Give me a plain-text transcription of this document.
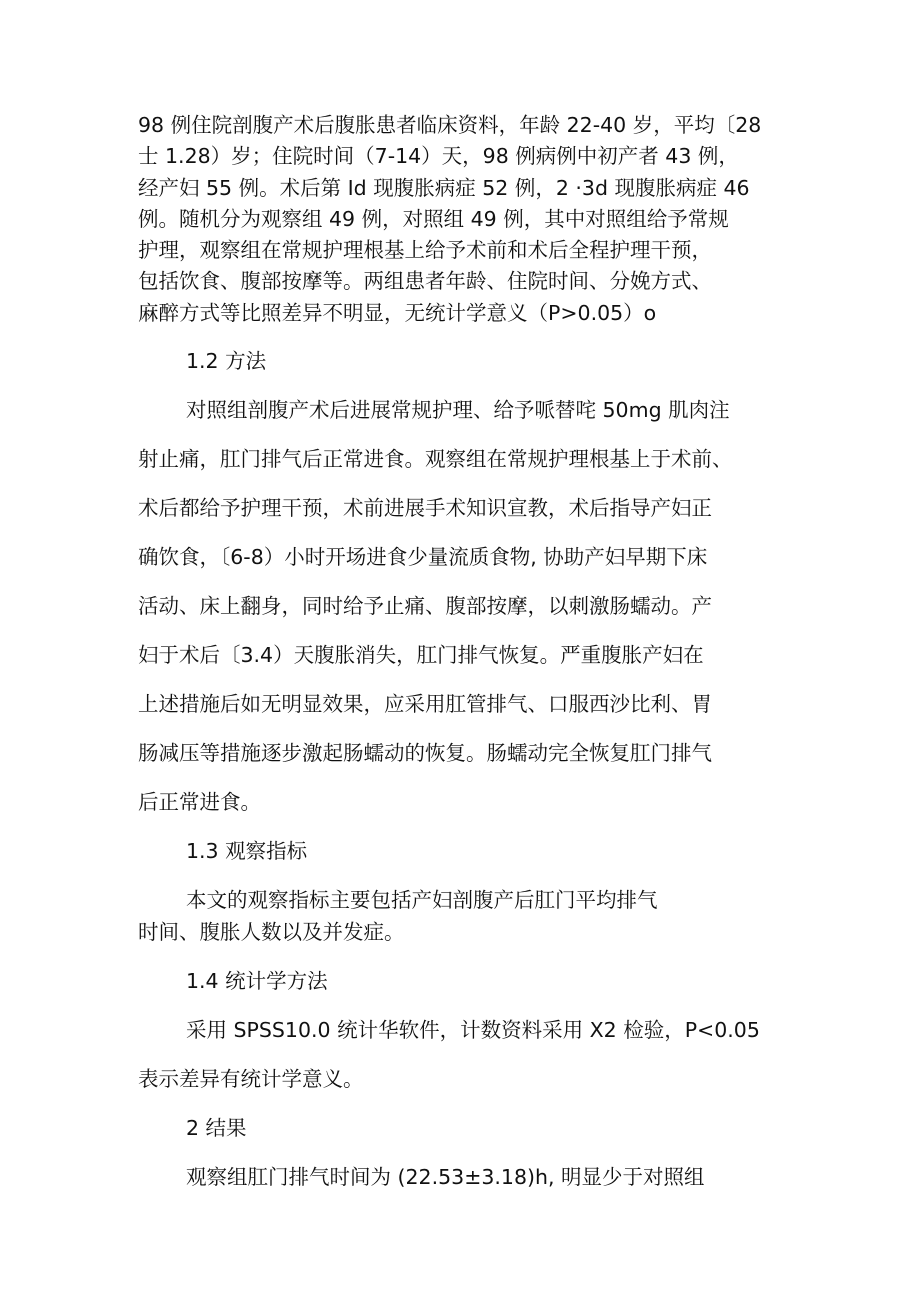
98 例住院剖腹产术后腹胀患者临床资料，年龄 22-40 岁，平均〔28
士 1.28）岁；住院时间（7-14）天，98 例病例中初产者 43 例，
经产妇 55 例。术后第 Id 现腹胀病症 52 例，2 ·3d 现腹胀病症 46
例。随机分为观察组 49 例，对照组 49 例，其中对照组给予常规
护理，观察组在常规护理根基上给予术前和术后全程护理干预，
包括饮食、腹部按摩等。两组患者年龄、住院时间、分娩方式、
麻醉方式等比照差异不明显，无统计学意义（P>0.05）o
1.2 方法
对照组剖腹产术后进展常规护理、给予哌替咤 50mg 肌肉注
射止痛，肛门排气后正常进食。观察组在常规护理根基上于术前、
术后都给予护理干预，术前进展手术知识宣教，术后指导产妇正
确饮食，〔6-8）小时开场进食少量流质食物, 协助产妇早期下床
活动、床上翻身，同时给予止痛、腹部按摩，以刺激肠蠕动。产
妇于术后〔3.4）天腹胀消失，肛门排气恢复。严重腹胀产妇在
上述措施后如无明显效果，应采用肛管排气、口服西沙比利、胃
肠减压等措施逐步激起肠蠕动的恢复。肠蠕动完全恢复肛门排气
后正常进食。
1.3 观察指标
本文的观察指标主要包括产妇剖腹产后肛门平均排气
时间、腹胀人数以及并发症。
1.4 统计学方法
采用 SPSS10.0 统计华软件，计数资料采用 X2 检验，P<0.05
表示差异有统计学意义。
2 结果
观察组肛门排气时间为 (22.53±3.18)h, 明显少于对照组
